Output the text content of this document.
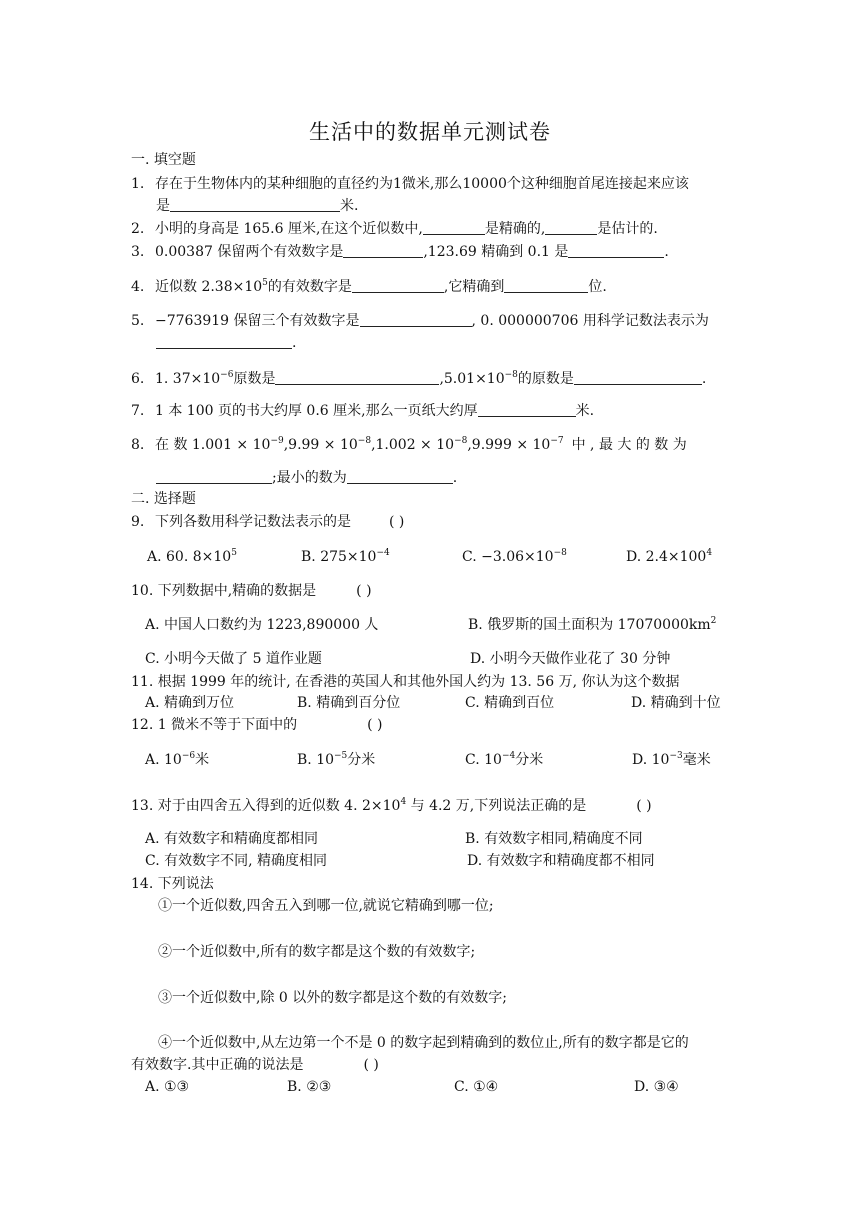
生活中的数据单元测试卷
一. 填空题
1. 存在于生物体内的某种细胞的直径约为1微米,那么10000个这种细胞首尾连接起来应该
是	米.
2. 小明的身高是 165.6 厘米,在这个近似数中,	是精确的,	是估计的.
3. 0.00387 保留两个有效数字是	,123.69 精确到 0.1 是	.
4. 近似数 $2.38\times 10^5$的有效数字是	,它精确到	位.
5. −7763919 保留三个有效数字是	, 0. 000000706 用科学记数法表示为
.
6. 1. $37\times 10^{-6}$原数是	$,5.01\times 10^{-8}$的原数是	.
7. 1 本 100 页的书大约厚 0.6 厘米,那么一页纸大约厚	米.
8. 在 数 $1.001 \times 10^{-9},9.99 \times 10^{-8},1.002 \times 10^{-8},9.999 \times 10^{-7}$ 中 , 最 大 的 数 为
;最小的数为	.
二. 选择题
9. 下列各数用科学记数法表示的是	( )
A. 60. $8\times 10^5$	B. $275\times 10^{-4}$	C. $-3.06\times 10^{-8}$	D. $2.4\times 100^4$
10. 下列数据中,精确的数据是	( )
A. 中国人口数约为 1223,890000 人	B. 俄罗斯的国土面积为 $17070000km^2$
C. 小明今天做了 5 道作业题	D. 小明今天做作业花了 30 分钟
11. 根据 1999 年的统计, 在香港的英国人和其他外国人约为 13. 56 万, 你认为这个数据
A. 精确到万位	B. 精确到百分位	C. 精确到百位	D. 精确到十位
12. 1 微米不等于下面中的	( )
A. $10^{-6}$米	B. $10^{-5}$分米	C. $10^{-4}$分米	D. $10^{-3}$毫米
13. 对于由四舍五入得到的近似数 4. $2\times 10^4$ 与 4.2 万,下列说法正确的是	( )
A. 有效数字和精确度都相同	B. 有效数字相同,精确度不同
C. 有效数字不同, 精确度相同	D. 有效数字和精确度都不相同
14. 下列说法
①一个近似数,四舍五入到哪一位,就说它精确到哪一位;
②一个近似数中,所有的数字都是这个数的有效数字;
③一个近似数中,除 0 以外的数字都是这个数的有效数字;
④一个近似数中,从左边第一个不是 0 的数字起到精确到的数位止,所有的数字都是它的
有效数字.其中正确的说法是	( )
A. ①③	B. ②③	C. ①④	D. ③④
